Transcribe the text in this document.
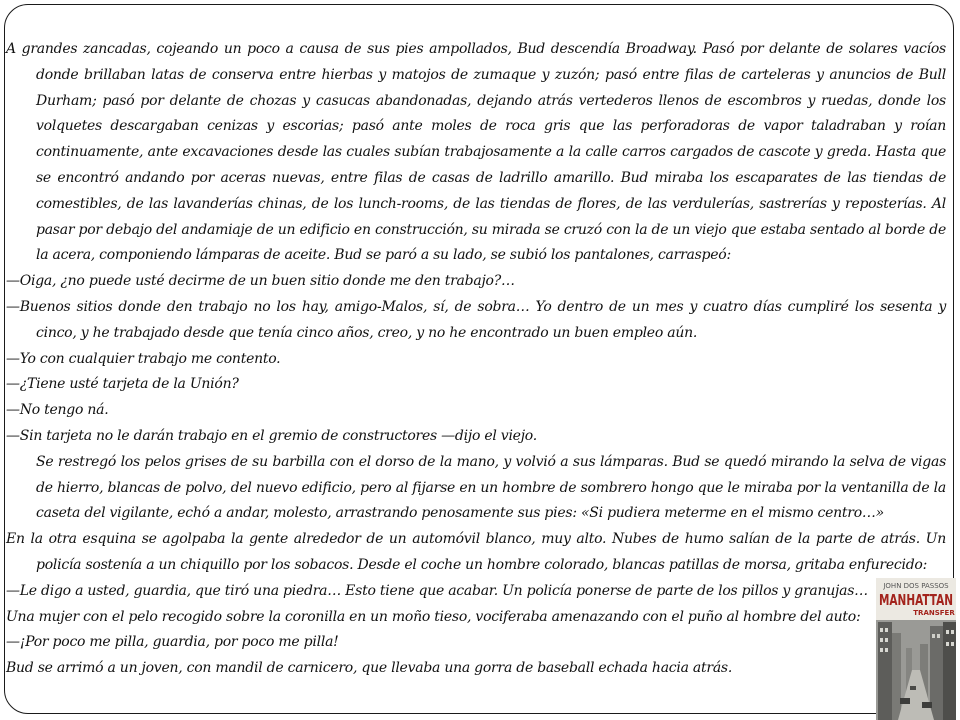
A grandes zancadas, cojeando un poco a causa de sus pies ampollados, Bud descendía Broadway. Pasó por delante de solares vacíos donde brillaban latas de conserva entre hierbas y matojos de zumaque y zuzón; pasó entre filas de carteleras y anuncios de Bull Durham; pasó por delante de chozas y casucas abandonadas, dejando atrás vertederos llenos de escombros y ruedas, donde los volquetes descargaban cenizas y escorias; pasó ante moles de roca gris que las perforadoras de vapor taladraban y roían continuamente, ante excavaciones desde las cuales subían trabajosamente a la calle carros cargados de cascote y greda. Hasta que se encontró andando por aceras nuevas, entre filas de casas de ladrillo amarillo. Bud miraba los escaparates de las tiendas de comestibles, de las lavanderías chinas, de los lunch-rooms, de las tiendas de flores, de las verdulerías, sastrerías y reposterías. Al pasar por debajo del andamiaje de un edificio en construcción, su mirada se cruzó con la de un viejo que estaba sentado al borde de la acera, componiendo lámparas de aceite. Bud se paró a su lado, se subió los pantalones, carraspeó:

—Oiga, ¿no puede usté decirme de un buen sitio donde me den trabajo?…

—Buenos sitios donde den trabajo no los hay, amigo-Malos, sí, de sobra… Yo dentro de un mes y cuatro días cumpliré los sesenta y cinco, y he trabajado desde que tenía cinco años, creo, y no he encontrado un buen empleo aún.

—Yo con cualquier trabajo me contento.

—¿Tiene usté tarjeta de la Unión?

—No tengo ná.

—Sin tarjeta no le darán trabajo en el gremio de constructores —dijo el viejo.

Se restregó los pelos grises de su barbilla con el dorso de la mano, y volvió a sus lámparas. Bud se quedó mirando la selva de vigas de hierro, blancas de polvo, del nuevo edificio, pero al fijarse en un hombre de sombrero hongo que le miraba por la ventanilla de la caseta del vigilante, echó a andar, molesto, arrastrando penosamente sus pies: «Si pudiera meterme en el mismo centro…»

En la otra esquina se agolpaba la gente alrededor de un automóvil blanco, muy alto. Nubes de humo salían de la parte de atrás. Un policía sostenía a un chiquillo por los sobacos. Desde el coche un hombre colorado, blancas patillas de morsa, gritaba enfurecido:

—Le digo a usted, guardia, que tiró una piedra… Esto tiene que acabar. Un policía ponerse de parte de los pillos y granujas…

Una mujer con el pelo recogido sobre la coronilla en un moño tieso, vociferaba amenazando con el puño al hombre del auto:

—¡Por poco me pilla, guardia, por poco me pilla!

Bud se arrimó a un joven, con mandil de carnicero, que llevaba una gorra de baseball echada hacia atrás.

JOHN DOS PASSOS
MANHATTAN
TRANSFER
